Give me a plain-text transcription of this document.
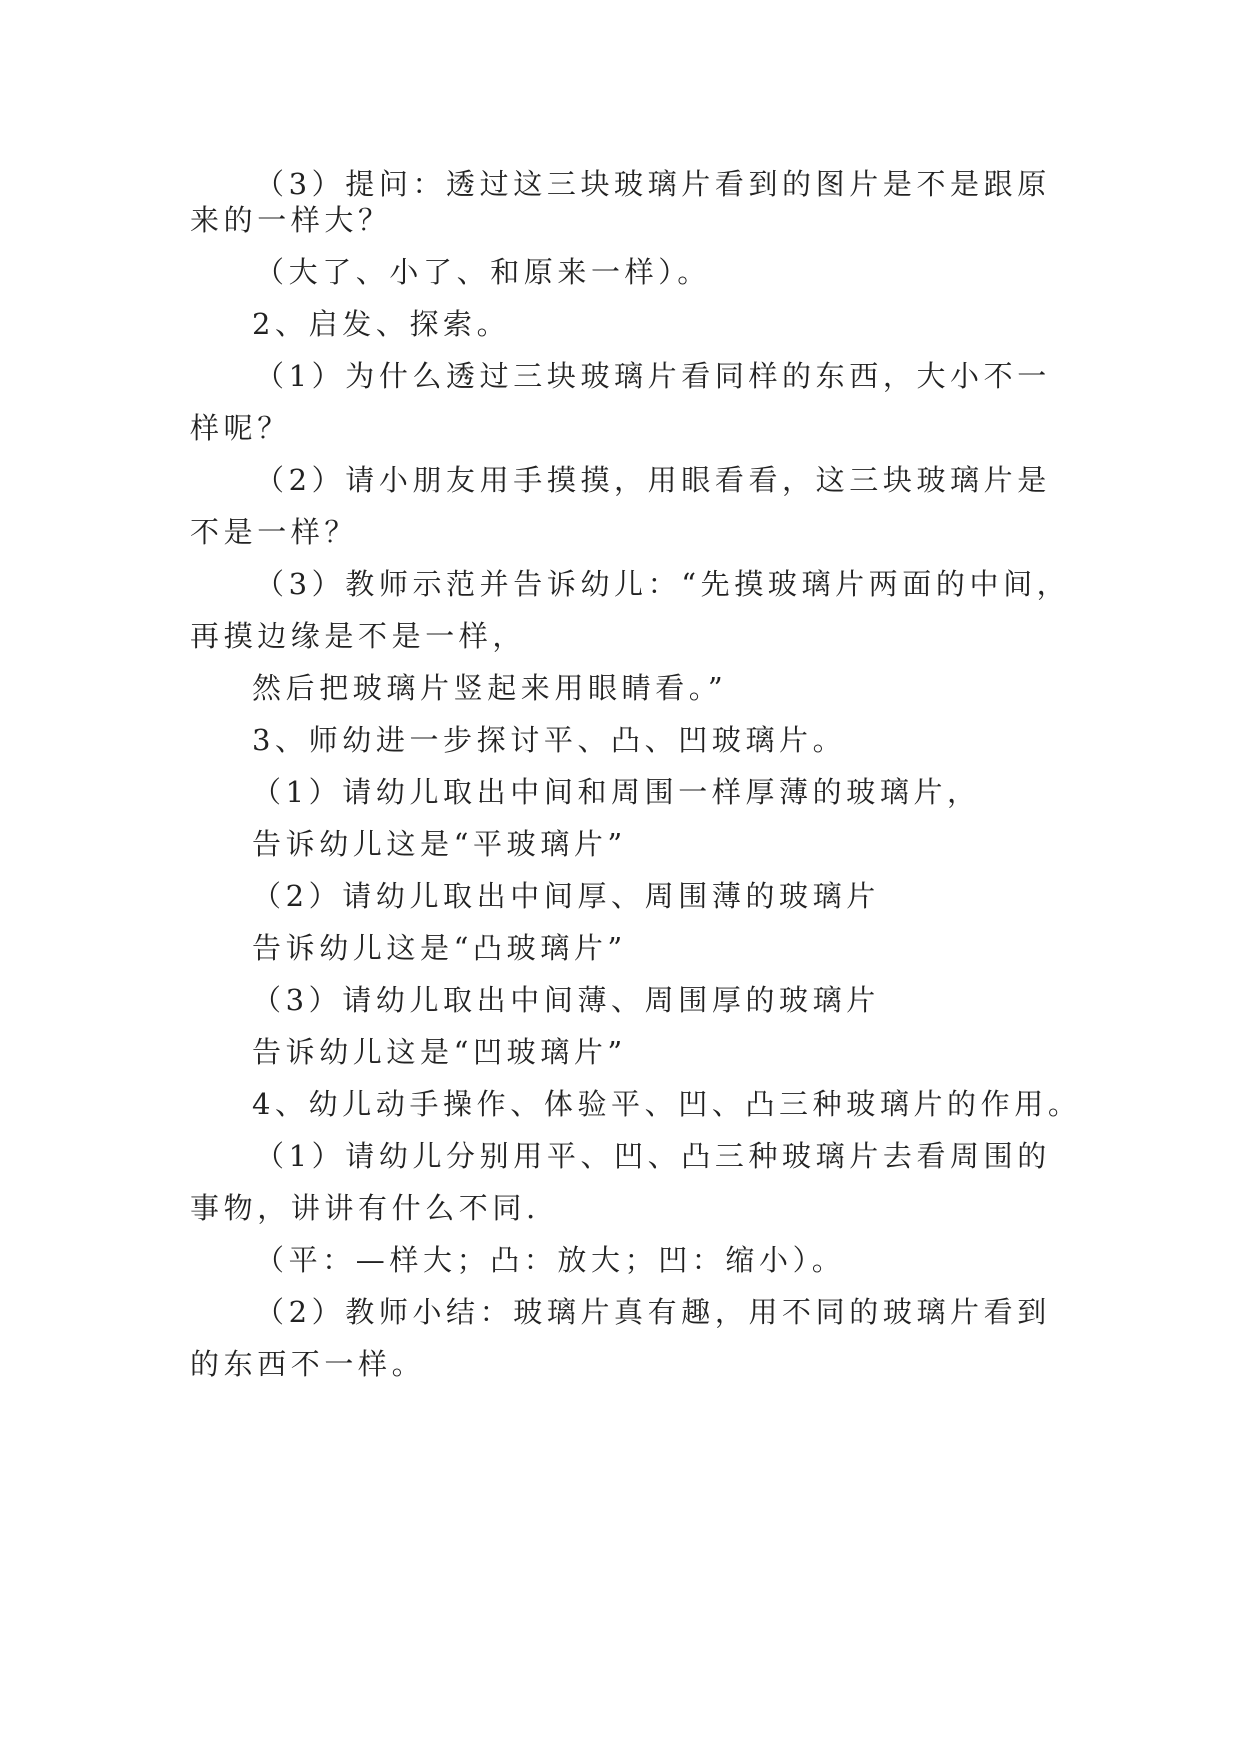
（3）提问：透过这三块玻璃片看到的图片是不是跟原
来的一样大？
（大了、小了、和原来一样）。
2、启发、探索。
（1）为什么透过三块玻璃片看同样的东西，大小不一
样呢？
（2）请小朋友用手摸摸，用眼看看，这三块玻璃片是
不是一样？
（3）教师示范并告诉幼儿：“先摸玻璃片两面的中间，
再摸边缘是不是一样，
然后把玻璃片竖起来用眼睛看。”
3、师幼进一步探讨平、凸、凹玻璃片。
（1）请幼儿取出中间和周围一样厚薄的玻璃片，
告诉幼儿这是“平玻璃片”
（2）请幼儿取出中间厚、周围薄的玻璃片
告诉幼儿这是“凸玻璃片”
（3）请幼儿取出中间薄、周围厚的玻璃片
告诉幼儿这是“凹玻璃片”
4、幼儿动手操作、体验平、凹、凸三种玻璃片的作用。
（1）请幼儿分别用平、凹、凸三种玻璃片去看周围的
事物，讲讲有什么不同.
（平：—样大；凸：放大；凹：缩小）。
（2）教师小结：玻璃片真有趣，用不同的玻璃片看到
的东西不一样。
